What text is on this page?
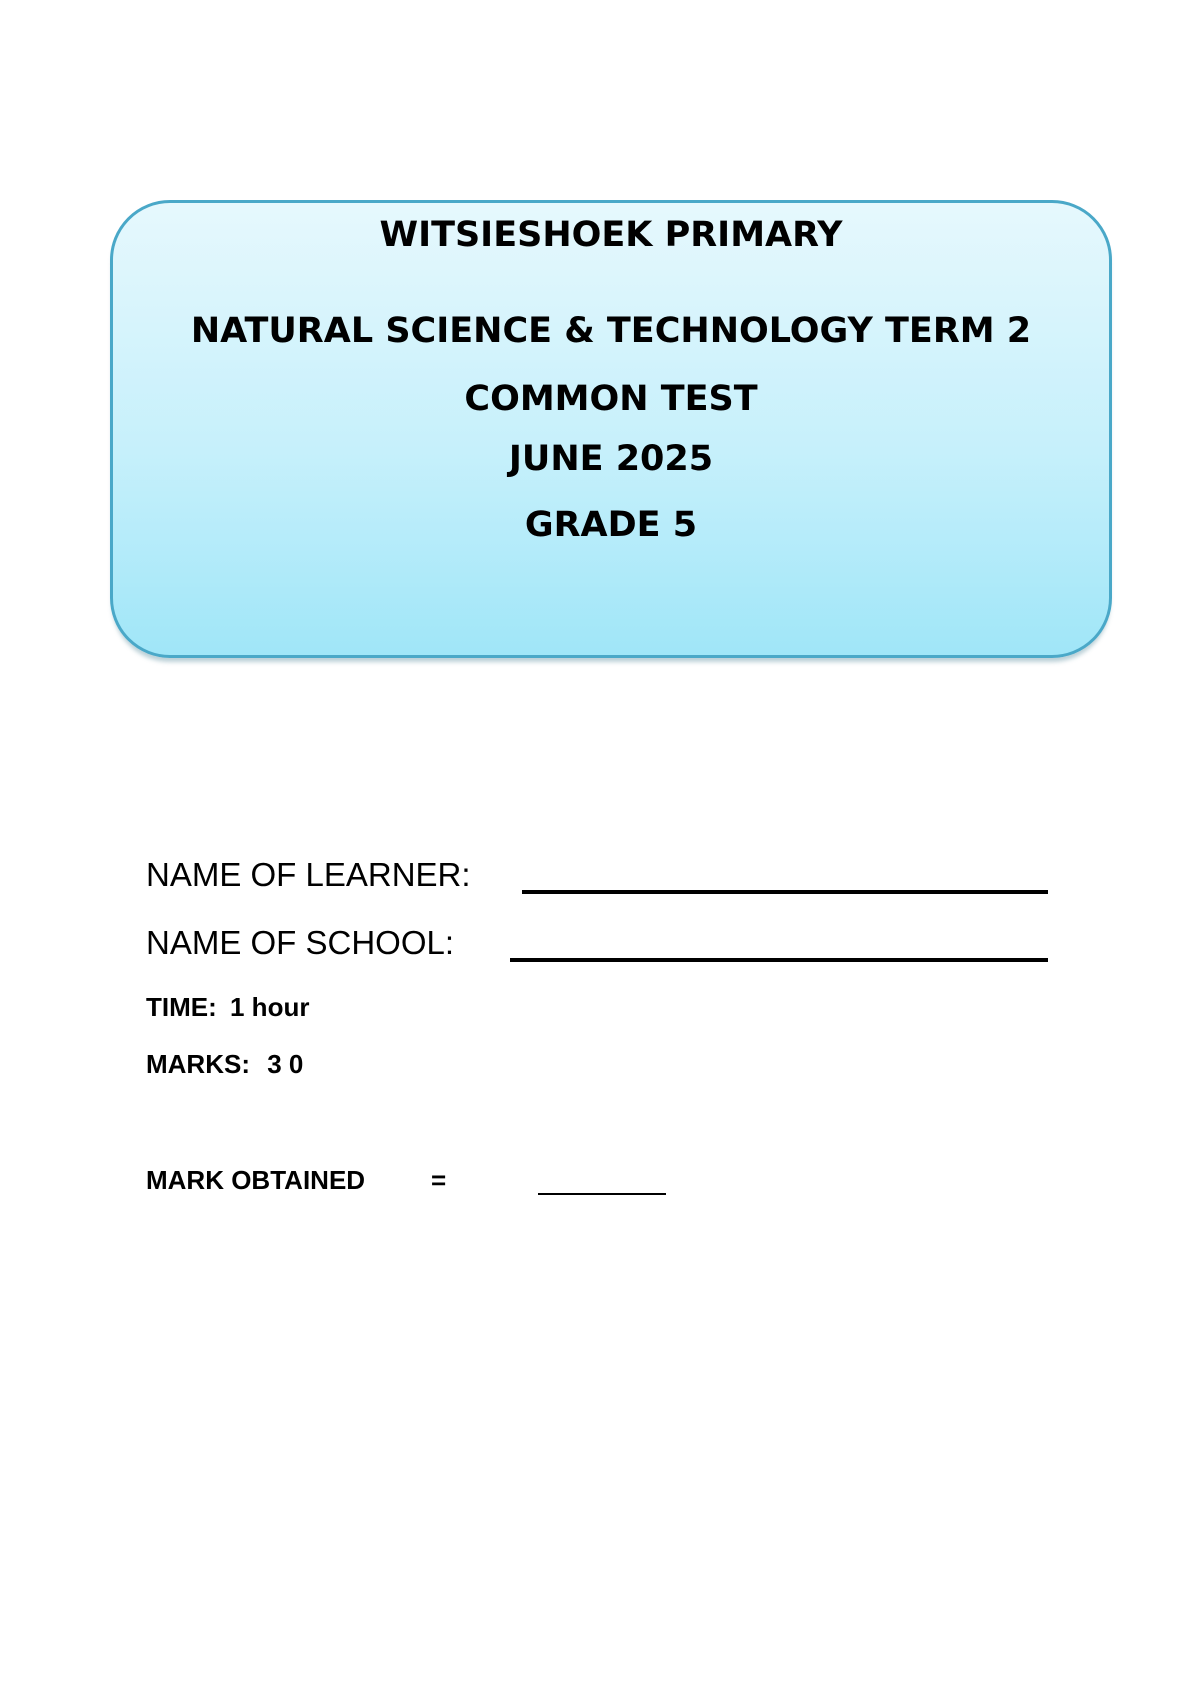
WITSIESHOEK PRIMARY
NATURAL SCIENCE & TECHNOLOGY TERM 2
COMMON TEST
JUNE 2025
GRADE 5
NAME OF LEARNER:
NAME OF SCHOOL:
TIME: 1 hour
MARKS: 3 0
MARK OBTAINED	=
